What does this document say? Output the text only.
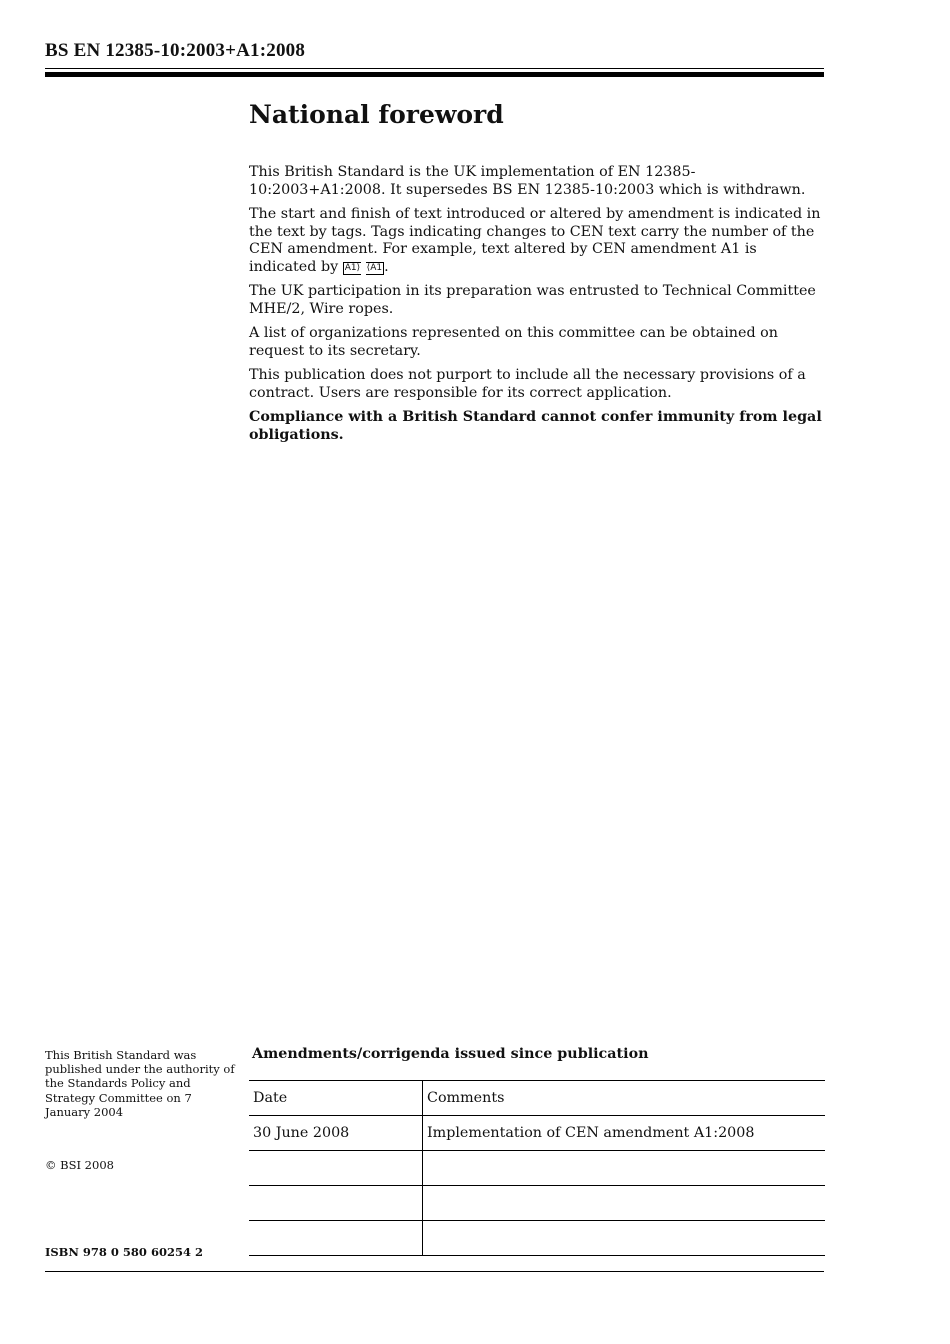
BS EN 12385-10:2003+A1:2008
National foreword

This British Standard is the UK implementation of EN 12385-10:2003+A1:2008. It supersedes BS EN 12385-10:2003 which is withdrawn.

The start and finish of text introduced or altered by amendment is indicated in the text by tags. Tags indicating changes to CEN text carry the number of the CEN amendment. For example, text altered by CEN amendment A1 is indicated by A1⟩ ⟨A1 .

The UK participation in its preparation was entrusted to Technical Committee MHE/2, Wire ropes.

A list of organizations represented on this committee can be obtained on request to its secretary.

This publication does not purport to include all the necessary provisions of a contract. Users are responsible for its correct application.

Compliance with a British Standard cannot confer immunity from legal obligations.

This British Standard was published under the authority of the Standards Policy and Strategy Committee on 7 January 2004
© BSI 2008
ISBN 978 0 580 60254 2
Amendments/corrigenda issued since publication
Date	Comments
30 June 2008	Implementation of CEN amendment A1:2008
